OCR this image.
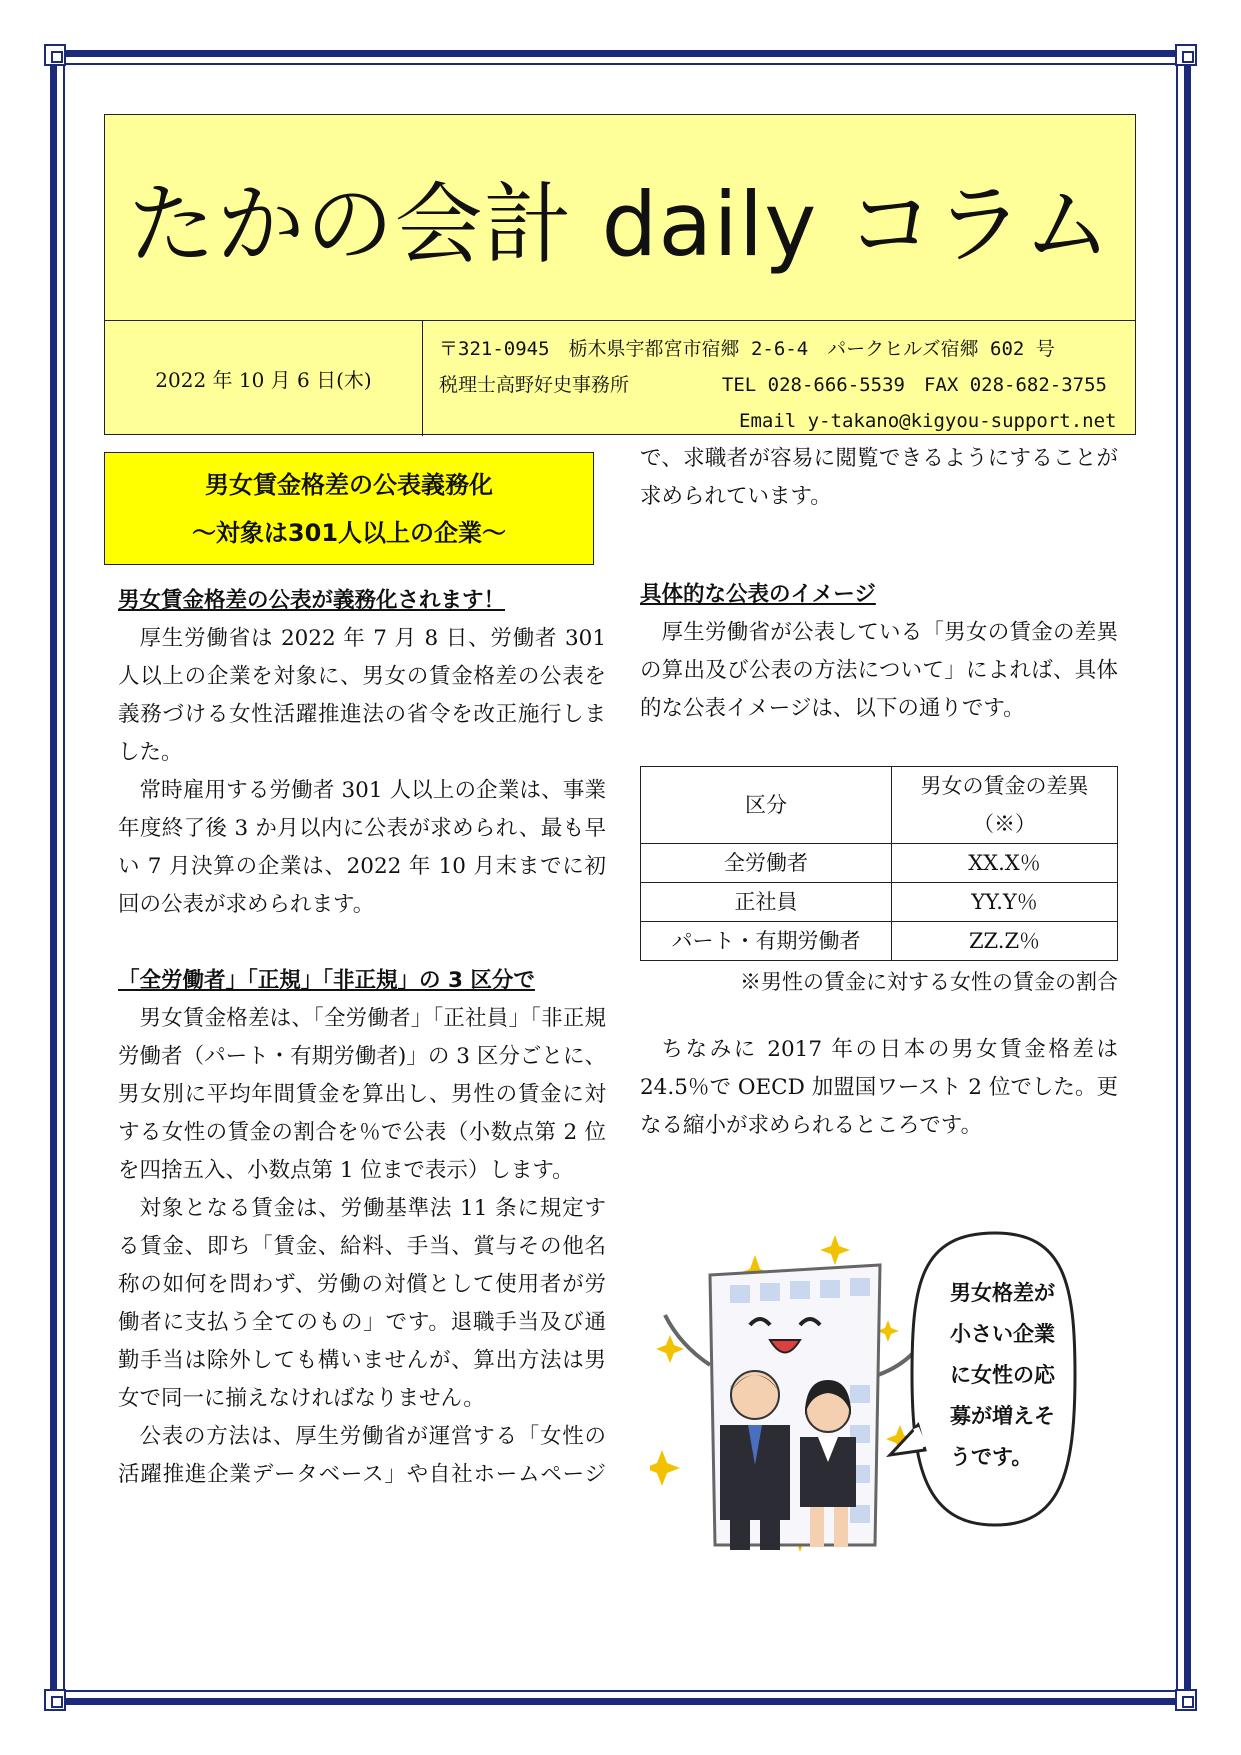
たかの会計 daily コラム
2022 年 10 月 6 日(木)
〒321-0945　栃木県宇都宮市宿郷 2-6-4　パークヒルズ宿郷 602 号
税理士高野好史事務所	TEL 028-666-5539　FAX 028-682-3755
Email y-takano@kigyou-support.net
男女賃金格差の公表義務化
～対象は301人以上の企業～
男女賃金格差の公表が義務化されます！

厚生労働省は 2022 年 7 月 8 日、労働者 301 人以上の企業を対象に、男女の賃金格差の公表を義務づける女性活躍推進法の省令を改正施行しました。

常時雇用する労働者 301 人以上の企業は、事業年度終了後 3 か月以内に公表が求められ、最も早い 7 月決算の企業は、2022 年 10 月末までに初回の公表が求められます。

「全労働者」「正規」「非正規」の 3 区分で

男女賃金格差は、「全労働者」「正社員」「非正規労働者（パート・有期労働者)」の 3 区分ごとに、男女別に平均年間賃金を算出し、男性の賃金に対する女性の賃金の割合を％で公表（小数点第 2 位を四捨五入、小数点第 1 位まで表示）します。

対象となる賃金は、労働基準法 11 条に規定する賃金、即ち「賃金、給料、手当、賞与その他名称の如何を問わず、労働の対償として使用者が労働者に支払う全てのもの」です。退職手当及び通勤手当は除外しても構いませんが、算出方法は男女で同一に揃えなければなりません。

公表の方法は、厚生労働省が運営する「女性の活躍推進企業データベース」や自社ホームページ

で、求職者が容易に閲覧できるようにすることが求められています。

具体的な公表のイメージ

厚生労働省が公表している「男女の賃金の差異の算出及び公表の方法について」によれば、具体的な公表イメージは、以下の通りです。

区分	男女の賃金の差異（※）
全労働者	XX.X％
正社員	YY.Y％
パート・有期労働者	ZZ.Z％
※男性の賃金に対する女性の賃金の割合

ちなみに 2017 年の日本の男女賃金格差は 24.5％で OECD 加盟国ワースト 2 位でした。更なる縮小が求められるところです。

男女格差が
小さい企業
に女性の応
募が増えそ
うです。
